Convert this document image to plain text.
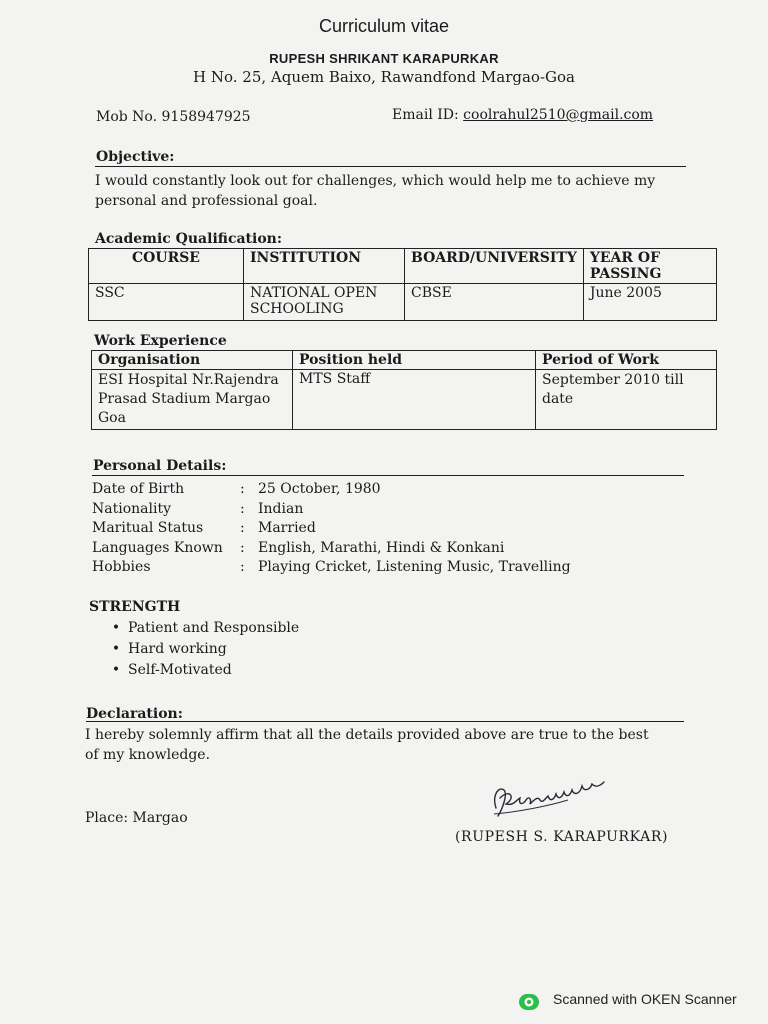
Curriculum vitae
RUPESH SHRIKANT KARAPURKAR
H No. 25, Aquem Baixo, Rawandfond Margao-Goa
Mob No. 9158947925	Email ID: coolrahul2510@gmail.com
Objective:
I would constantly look out for challenges, which would help me to achieve my
personal and professional goal.
Academic Qualification:
COURSE	INSTITUTION	BOARD/UNIVERSITY	YEAR OF PASSING
SSC	NATIONAL OPEN SCHOOLING	CBSE	June 2005
Work Experience
Organisation	Position held	Period of Work
ESI Hospital Nr.Rajendra Prasad Stadium Margao Goa	MTS Staff	September 2010 till date
Personal Details:
Date of Birth	: 25 October, 1980
Nationality	: Indian
Maritual Status	: Married
Languages Known	: English, Marathi, Hindi & Konkani
Hobbies	: Playing Cricket, Listening Music, Travelling
STRENGTH
• Patient and Responsible
• Hard working
• Self-Motivated
Declaration:
I hereby solemnly affirm that all the details provided above are true to the best
of my knowledge.
Place: Margao
(RUPESH S. KARAPURKAR)
Scanned with OKEN Scanner
